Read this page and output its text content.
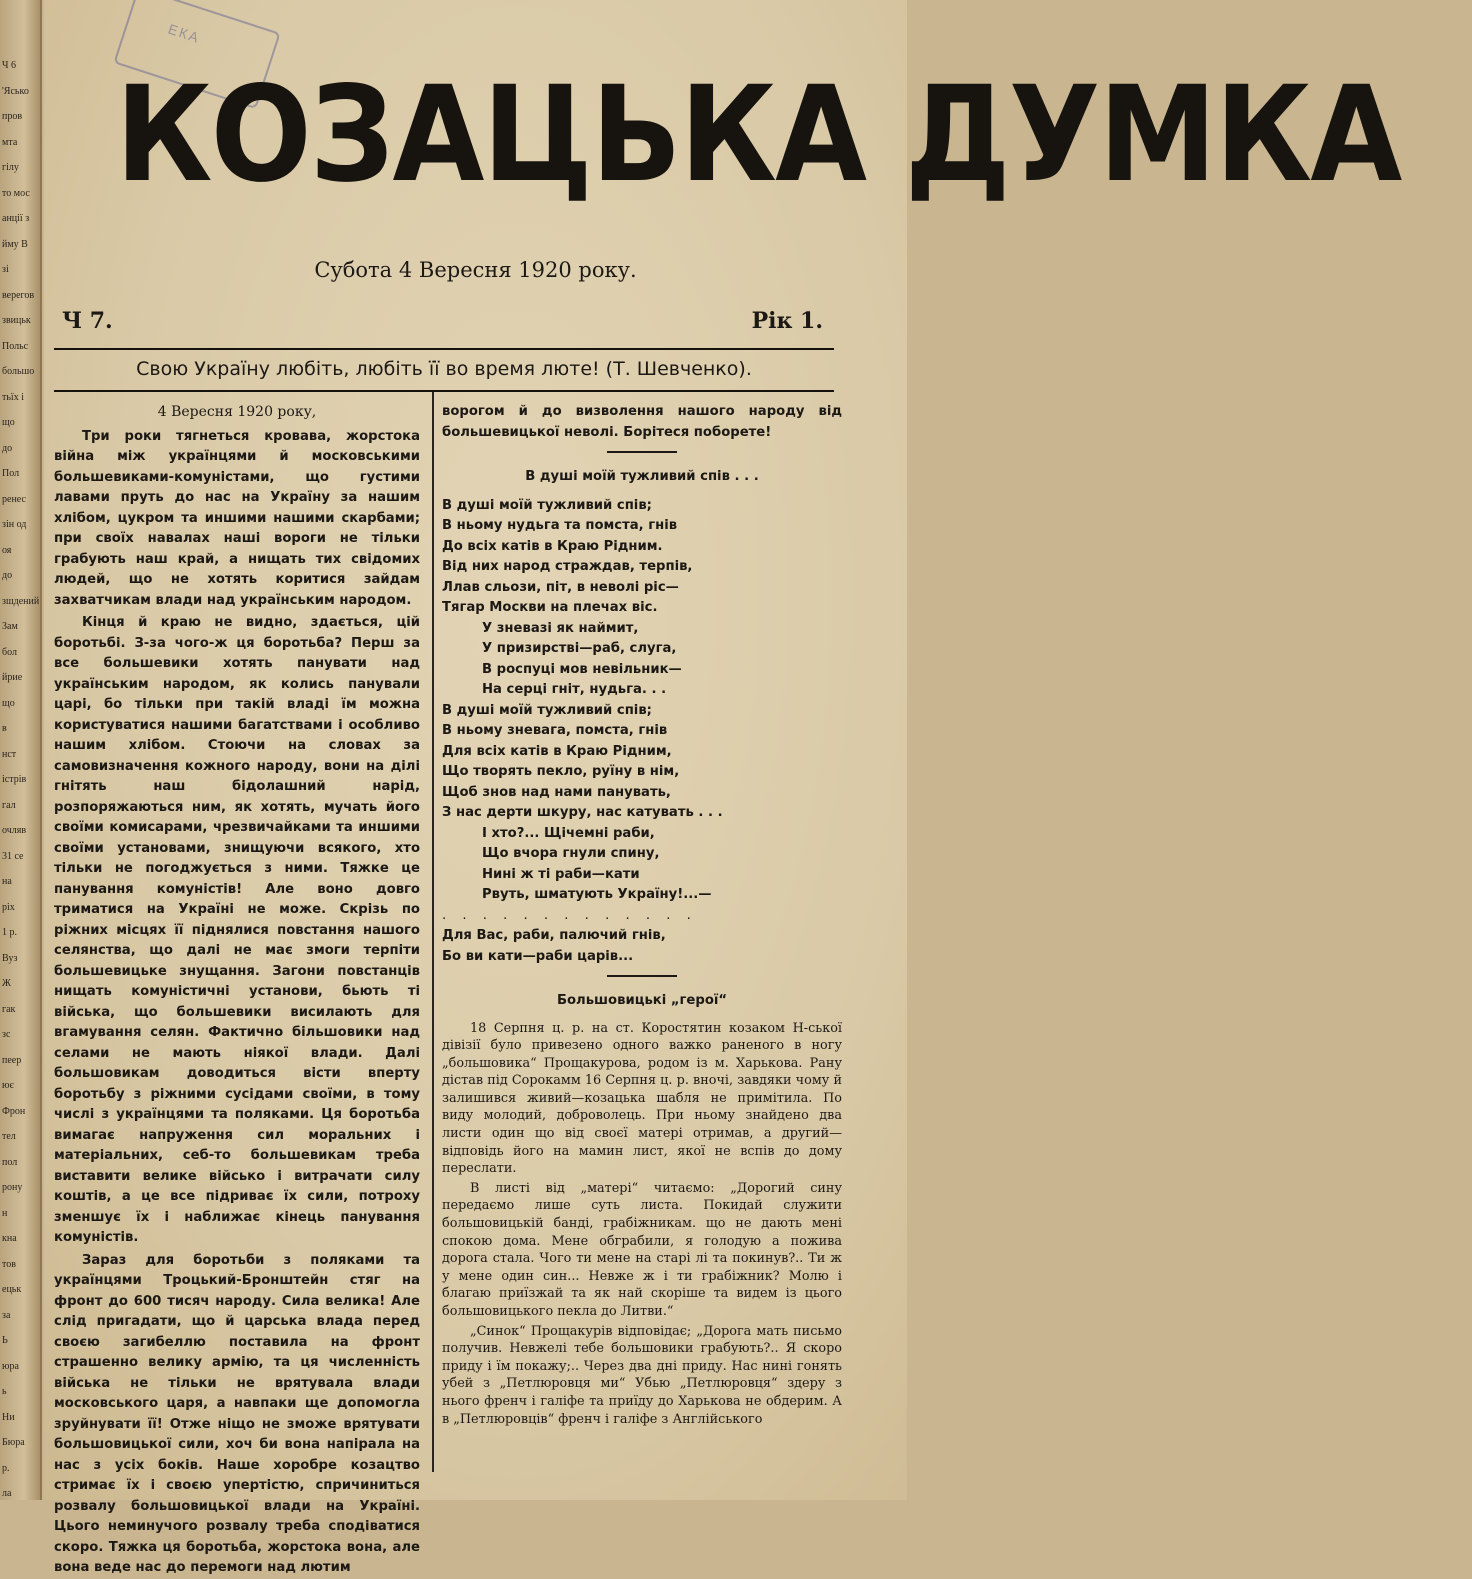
Ч 6
'Ясько
пров
мта
гілу
то мос
анції з
йму В
зі
верегов
звицьк
Польс
большо
тьїх і
що
до
Пол
ренес
зін од
оя
до
зшдений
Зам
бол
йрие
що
в
нст
істрів
гал
очляв
31 се
на
ріх
1 р.
Вуз
Ж
гак
зс
пеер
ює
Фрон
тел
пол
рону
н
кна
тов
ецьк
за
Ь
юра
ь
Ни
Бюра
р.
ла
ЕКА
КОЗАЦЬКА ДУМКА
Субота 4 Вересня 1920 року.
Ч 7.	Рік 1.
Свою Україну любіть, любіть її во время люте! (Т. Шевченко).
4 Вересня 1920 року,

Три роки тягнеться кровава, жорстока війна між українцями й московськими большевиками-комуністами, що густими лавами пруть до нас на Україну за нашим хлібом, цукром та иншими нашими скарбами; при своїх навалах наші вороги не тільки грабують наш край, а нищать тих свідомих людей, що не хотять коритися зайдам захватчикам влади над українським народом.

Кінця й краю не видно, здається, цій боротьбі. З-за чого-ж ця боротьба? Перш за все большевики хотять панувати над українським народом, як колись панували царі, бо тільки при такій владі їм можна користуватися нашими багатствами і особливо нашим хлібом. Стоючи на словах за самовизначення кожного народу, вони на ділі гнітять наш бідолашний нарід, розпоряжаються ним, як хотять, мучать його своїми комисарами, чрезвичайками та иншими своїми установами, знищуючи всякого, хто тільки не погоджується з ними. Тяжке це панування комуністів! Але воно довго триматися на Україні не може. Скрізь по ріжних місцях її піднялися повстання нашого селянства, що далі не має змоги терпіти большевицьке знущання. Загони повстанців нищать комуністичні установи, бьють ті війська, що большевики висилають для вгамування селян. Фактично більшовики над селами не мають ніякої влади. Далі большовикам доводиться вісти вперту боротьбу з ріжними сусідами своїми, в тому числі з українцями та поляками. Ця боротьба вимагає напруження сил моральних і матеріальних, себ-то большевикам треба виставити велике військо і витрачати силу коштів, а це все підриває їх сили, потроху зменшує їх і наближає кінець панування комуністів.

Зараз для боротьби з поляками та українцями Троцький-Бронштейн стяг на фронт до 600 тисяч народу. Сила велика! Але слід пригадати, що й царська влада перед своєю загибеллю поставила на фронт страшенно велику армію, та ця численність війська не тільки не врятувала влади московського царя, а навпаки ще допомогла зруйнувати її! Отже ніщо не зможе врятувати большовицької сили, хоч би вона напірала на нас з усіх боків. Наше хоробре козацтво стримає їх і своєю упертістю, спричиниться розвалу большовицької влади на Україні. Цього неминучого розвалу треба сподіватися скоро. Тяжка ця боротьба, жорстока вона, але вона веде нас до перемоги над лютим

ворогом й до визволення нашого народу від большевицької неволі. Борітеся поборете!

В душі моїй тужливий спів . . .
В душі моїй тужливий спів;
В ньому нудьга та помста, гнів
До всіх катів в Краю Рідним.
Від них народ страждав, терпів,
Ллав сльози, піт, в неволі ріс—
Тягар Москви на плечах віс.
У зневазі як наймит,
У призирстві—раб, слуга,
В роспуці мов невільник—
На серці гніт, нудьга. . .
В душі моїй тужливий спів;
В ньому зневага, помста, гнів
Для всіх катів в Краю Рідним,
Що творять пекло, руїну в нім,
Щоб знов над нами панувать,
З нас дерти шкуру, нас катувать . . .
І хто?... Щічемні раби,
Що вчора гнули спину,
Нині ж ті раби—кати
Рвуть, шматують Україну!...—
. . . . . . . . . . . . .
Для Вас, раби, палючий гнів,
Бо ви кати—раби царів...
Большовицькі „герої“

18 Серпня ц. р. на ст. Коростятин козаком Н-ської дівізії було привезено одного важко раненого в ногу „большовика“ Прощакурова, родом із м. Харькова. Рану дістав під Сорокамм 16 Серпня ц. р. вночі, завдяки чому й залишився живий—козацька шабля не примітила. По виду молодий, доброволець. При ньому знайдено два листи один що від своєї матері отримав, а другий—відповідь його на мамин лист, якої не вспів до дому переслати.

В листі від „матері“ читаємо: „Дорогий сину передаємо лише суть листа. Покидай служити большовицькій банді, грабіжникам. що не дають мені спокою дома. Мене обграбили, я голодую а пожива дорога стала. Чого ти мене на старі лі та покинув?.. Ти ж у мене один син... Невже ж і ти грабіжник? Молю і благаю приїзжай та як най скоріше та видем із цього большовицького пекла до Литви.“

„Синок“ Прощакурів відповідає; „Дорога мать письмо получив. Невжелі тебе большовики грабують?.. Я скоро приду і їм покажу;.. Через два дні приду. Нас нині гонять убей з „Петлюровця ми“ Убью „Петлюровця“ здеру з нього френч і галіфе та приїду до Харькова не обдерим. А в „Петлюровців“ френч і галіфе з Англійського
